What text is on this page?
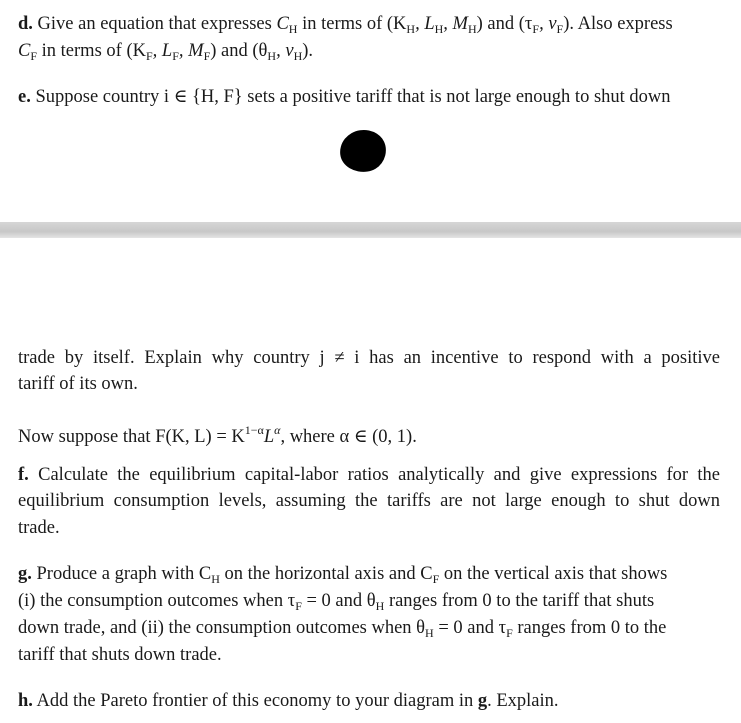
d. Give an equation that expresses $C_H$ in terms of ($K_H$, $L_H$, $M_H$) and ($\tau_F$, $v_F$). Also express
$C_F$ in terms of ($K_F$, $L_F$, $M_F$) and ($\theta_H$, $v_H$).
e. Suppose country i ∈ {H, F} sets a positive tariff that is not large enough to shut down
trade by itself. Explain why country j ≠ i has an incentive to respond with a positive
tariff of its own.
Now suppose that F(K, $L) = K^{1-\alpha}L^\alpha$, where α ∈ (0, 1).
f. Calculate the equilibrium capital-labor ratios analytically and give expressions for the
equilibrium consumption levels, assuming the tariffs are not large enough to shut down
trade.
g. Produce a graph with $C_H$ on the horizontal axis and $C_F$ on the vertical axis that shows
(i) the consumption outcomes when $\tau_F = 0$ and $\theta_H$ ranges from 0 to the tariff that shuts
down trade, and (ii) the consumption outcomes when $\theta_H = 0$ and $\tau_F$ ranges from 0 to the
tariff that shuts down trade.
h. Add the Pareto frontier of this economy to your diagram in g. Explain.
